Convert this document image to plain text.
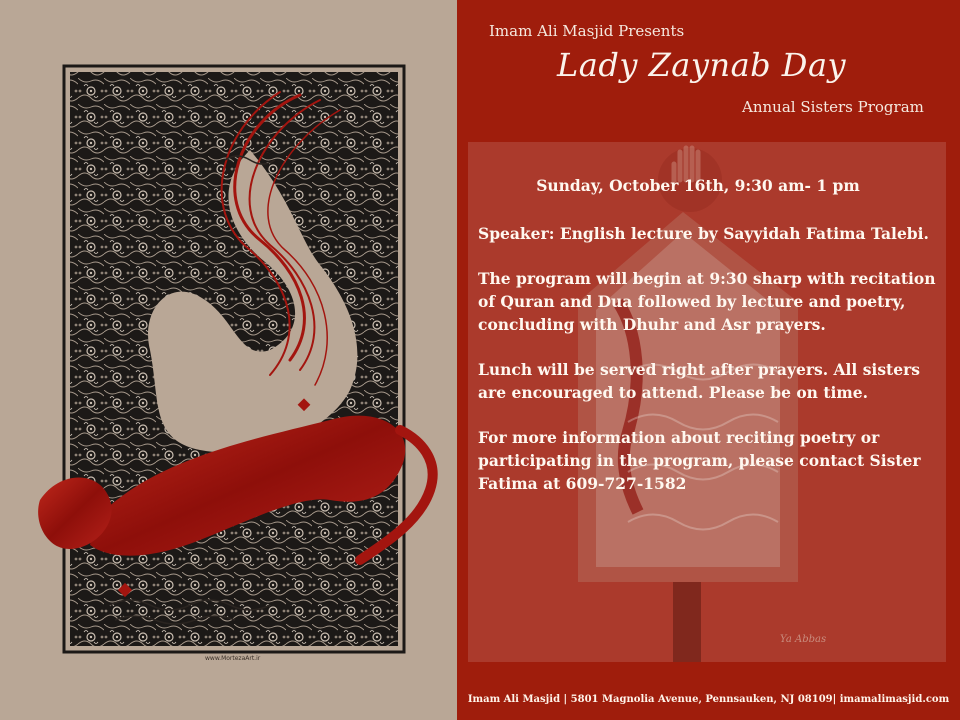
www.MortezaArt.ir
Imam Ali Masjid Presents
Lady Zaynab Day
Annual Sisters Program
Sunday, October 16th, 9:30 am- 1 pm
Speaker: English lecture by Sayyidah Fatima Talebi.
The program will begin at 9:30 sharp with recitation of Quran and Dua followed by lecture and poetry, concluding with Dhuhr and Asr prayers.
Lunch will be served right after prayers. All sisters are encouraged to attend. Please be on time.
For more information about reciting poetry or participating in the program, please contact Sister Fatima at 609-727-1582
Ya Abbas
Imam Ali Masjid | 5801 Magnolia Avenue, Pennsauken, NJ 08109| imamalimasjid.com
